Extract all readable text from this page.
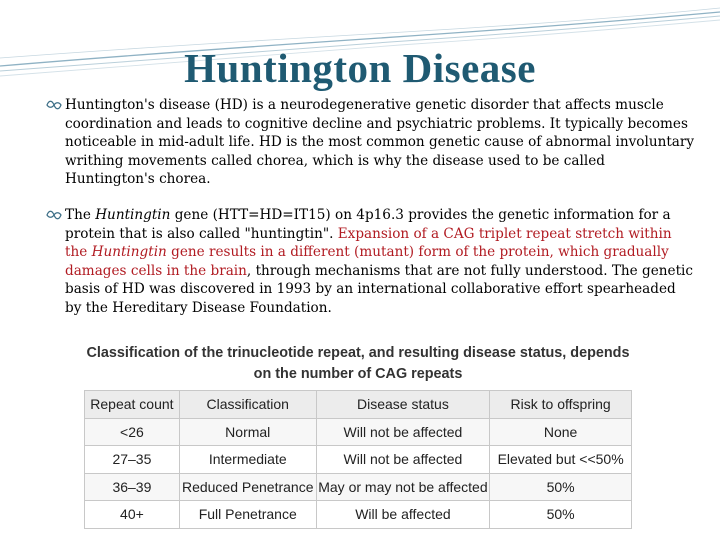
Huntington Disease

Huntington's disease (HD) is a neurodegenerative genetic disorder that affects muscle coordination and leads to cognitive decline and psychiatric problems. It typically becomes noticeable in mid-adult life. HD is the most common genetic cause of abnormal involuntary writhing movements called chorea, which is why the disease used to be called Huntington's chorea.

The Huntingtin gene (HTT=HD=IT15) on 4p16.3 provides the genetic information for a protein that is also called "huntingtin". Expansion of a CAG triplet repeat stretch within the Huntingtin gene results in a different (mutant) form of the protein, which gradually damages cells in the brain, through mechanisms that are not fully understood. The genetic basis of HD was discovered in 1993 by an international collaborative effort spearheaded by the Hereditary Disease Foundation.

Classification of the trinucleotide repeat, and resulting disease status, depends
on the number of CAG repeats

Repeat count	Classification	Disease status	Risk to offspring
<26	Normal	Will not be affected	None
27–35	Intermediate	Will not be affected	Elevated but <<50%
36–39	Reduced Penetrance	May or may not be affected	50%
40+	Full Penetrance	Will be affected	50%
